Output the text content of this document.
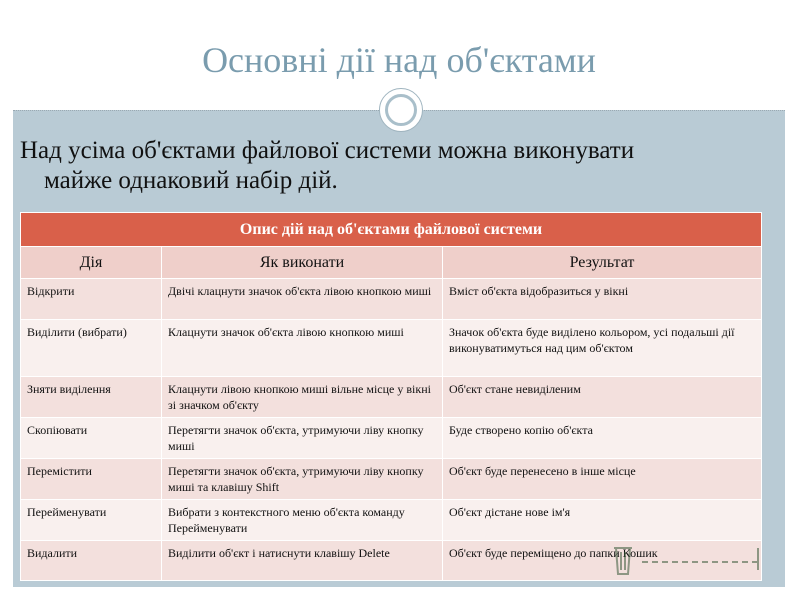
Основні дії над об'єктами
Над усіма об'єктами файлової системи можна виконувати
майже однаковий набір дій.
Опис дій над об'єктами файлової системи		
Дія	Як виконати	Результат
Відкрити	Двічі клацнути значок об'єкта лівою кнопкою миші	Вміст об'єкта відобразиться у вікні
Виділити (вибрати)	Клацнути значок об'єкта лівою кнопкою миші	Значок об'єкта буде виділено кольором, усі подальші дії виконуватимуться над цим об'єктом
Зняти виділення	Клацнути лівою кнопкою миші вільне місце у вікні зі значком об'єкту	Об'єкт стане невиділеним
Скопіювати	Перетягти значок об'єкта, утримуючи ліву кнопку миші	Буде створено копію об'єкта
Перемістити	Перетягти значок об'єкта, утримуючи ліву кнопку миші та клавішу Shift	Об'єкт буде перенесено в інше місце
Перейменувати	Вибрати з контекстного меню об'єкта команду Перейменувати	Об'єкт дістане нове ім'я
Видалити	Виділити об'єкт і натиснути клавішу Delete	Об'єкт буде переміщено до папки Кошик
